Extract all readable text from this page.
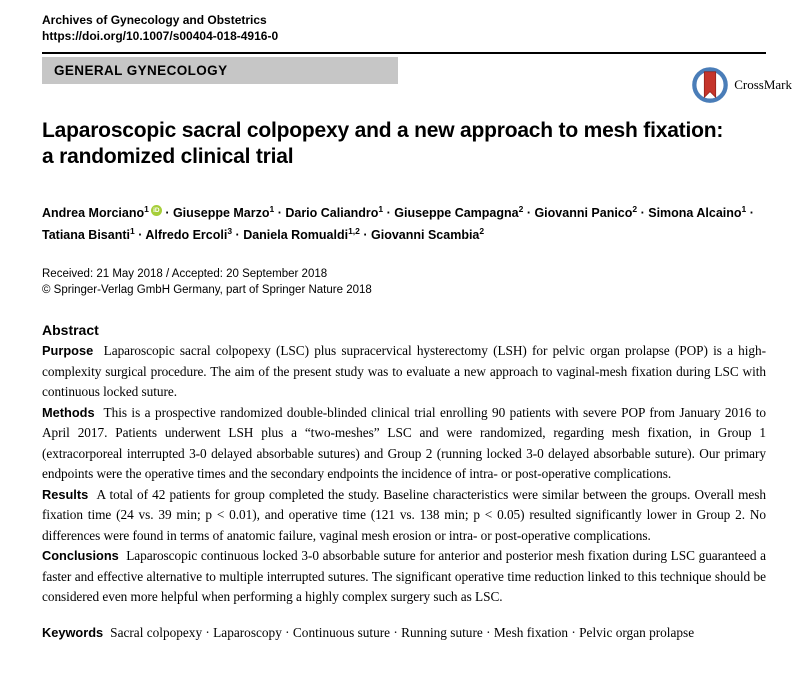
Archives of Gynecology and Obstetrics
https://doi.org/10.1007/s00404-018-4916-0
GENERAL GYNECOLOGY
CrossMark
Laparoscopic sacral colpopexy and a new approach to mesh fixation:
a randomized clinical trial
Andrea Morciano$^1$ iD · Giuseppe Marzo$^1$ · Dario Caliandro$^1$ · Giuseppe Campagna$^2$ · Giovanni Panico$^2$ · Simona Alcaino$^1$ · Tatiana Bisanti$^1$ · Alfredo Ercoli$^3$ · Daniela Romualdi$^{1,2}$ · Giovanni Scambia$^2$
Received: 21 May 2018 / Accepted: 20 September 2018
© Springer-Verlag GmbH Germany, part of Springer Nature 2018
Abstract

Purpose  Laparoscopic sacral colpopexy (LSC) plus supracervical hysterectomy (LSH) for pelvic organ prolapse (POP) is a high-complexity surgical procedure. The aim of the present study was to evaluate a new approach to vaginal-mesh fixation during LSC with continuous locked suture.

Methods  This is a prospective randomized double-blinded clinical trial enrolling 90 patients with severe POP from January 2016 to April 2017. Patients underwent LSH plus a “two-meshes” LSC and were randomized, regarding mesh fixation, in Group 1 (extracorporeal interrupted 3-0 delayed absorbable sutures) and Group 2 (running locked 3-0 delayed absorbable suture). Our primary endpoints were the operative times and the secondary endpoints the incidence of intra- or post-operative complications.

Results  A total of 42 patients for group completed the study. Baseline characteristics were similar between the groups. Overall mesh fixation time (24 vs. 39 min; p < 0.01), and operative time (121 vs. 138 min; p < 0.05) resulted significantly lower in Group 2. No differences were found in terms of anatomic failure, vaginal mesh erosion or intra- or post-operative complications.

Conclusions  Laparoscopic continuous locked 3-0 absorbable suture for anterior and posterior mesh fixation during LSC guaranteed a faster and effective alternative to multiple interrupted sutures. The significant operative time reduction linked to this technique should be considered even more helpful when performing a highly complex surgery such as LSC.

Keywords Sacral colpopexy · Laparoscopy · Continuous suture · Running suture · Mesh fixation · Pelvic organ prolapse
